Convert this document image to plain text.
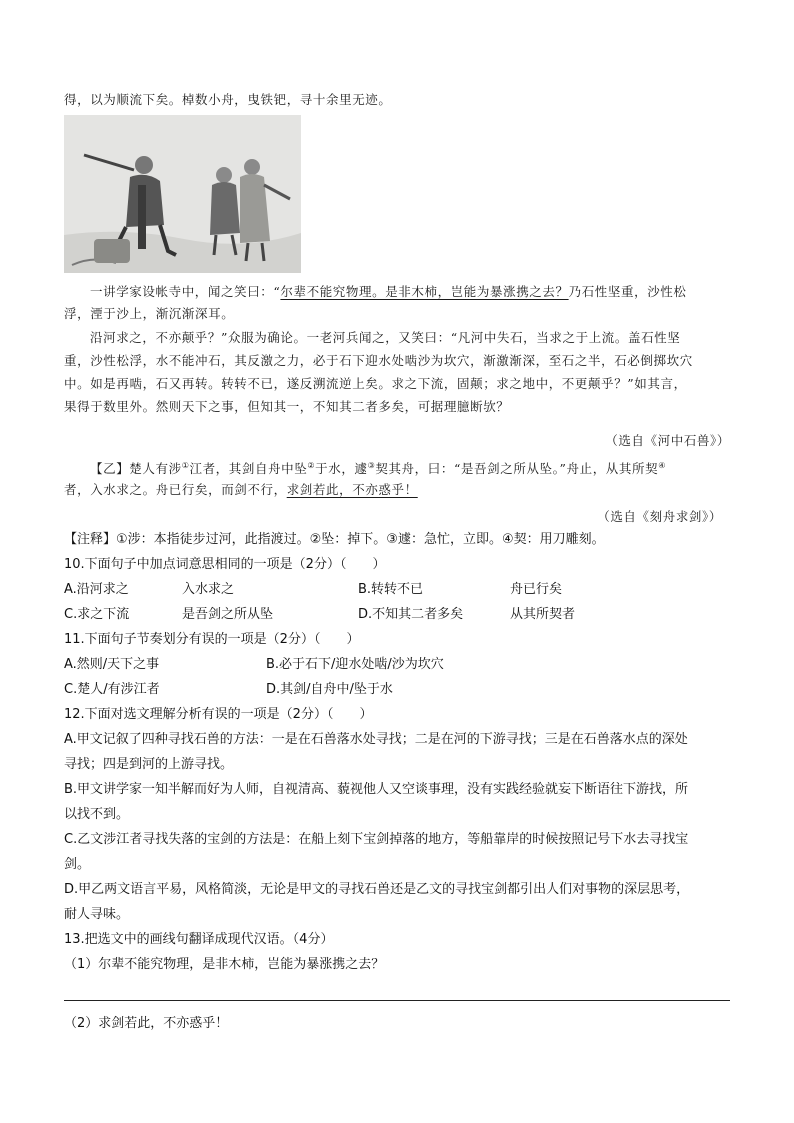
得，以为顺流下矣。棹数小舟，曳铁钯，寻十余里无迹。
一讲学家设帐寺中，闻之笑曰：“尔辈不能究物理。是非木柿，岂能为暴涨携之去？乃石性坚重，沙性松
浮，湮于沙上，渐沉渐深耳。
沿河求之，不亦颠乎？”众服为确论。一老河兵闻之，又笑曰：“凡河中失石，当求之于上流。盖石性坚
重，沙性松浮，水不能冲石，其反激之力，必于石下迎水处啮沙为坎穴，渐激渐深，至石之半，石必倒掷坎穴
中。如是再啮，石又再转。转转不已，遂反溯流逆上矣。求之下流，固颠；求之地中，不更颠乎？”如其言，
果得于数里外。然则天下之事，但知其一，不知其二者多矣，可据理臆断欤？
（选自《河中石兽》）
【乙】楚人有涉①江者，其剑自舟中坠②于水，遽③契其舟，曰：“是吾剑之所从坠。”舟止，从其所契④
者，入水求之。舟已行矣，而剑不行，求剑若此，不亦惑乎！
（选自《刻舟求剑》）
【注释】①涉：本指徒步过河，此指渡过。②坠：掉下。③遽：急忙，立即。④契：用刀雕刻。
10.下面句子中加点词意思相同的一项是（2分）（　　）
A.沿河求之	入水求之	B.转转不已	舟已行矣
C.求之下流	是吾剑之所从坠	D.不知其二者多矣	从其所契者
11.下面句子节奏划分有误的一项是（2分）（　　）
A.然则/天下之事	B.必于石下/迎水处啮/沙为坎穴
C.楚人/有涉江者	D.其剑/自舟中/坠于水
12.下面对选文理解分析有误的一项是（2分）（　　）
A.甲文记叙了四种寻找石兽的方法：一是在石兽落水处寻找；二是在河的下游寻找；三是在石兽落水点的深处
寻找；四是到河的上游寻找。
B.甲文讲学家一知半解而好为人师，自视清高、藐视他人又空谈事理，没有实践经验就妄下断语往下游找，所
以找不到。
C.乙文涉江者寻找失落的宝剑的方法是：在船上刻下宝剑掉落的地方，等船靠岸的时候按照记号下水去寻找宝
剑。
D.甲乙两文语言平易，风格简淡，无论是甲文的寻找石兽还是乙文的寻找宝剑都引出人们对事物的深层思考，
耐人寻味。
13.把选文中的画线句翻译成现代汉语。（4分）
（1）尔辈不能究物理，是非木柿，岂能为暴涨携之去？
（2）求剑若此，不亦惑乎！
